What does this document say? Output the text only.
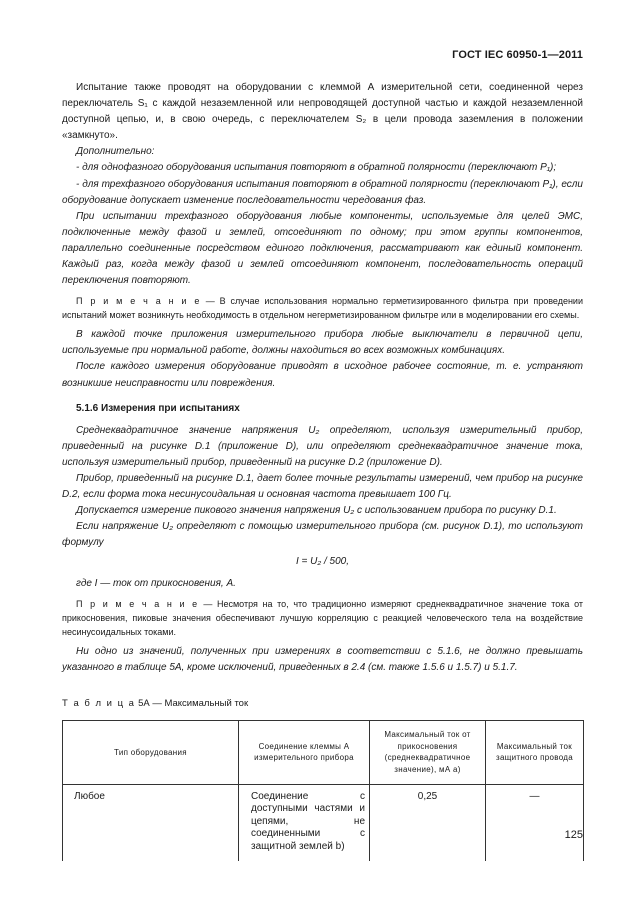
ГОСТ IEC 60950-1—2011

Испытание также проводят на оборудовании с клеммой А измерительной сети, соединенной через переключатель S₁ с каждой незаземленной или непроводящей доступной частью и каждой незаземленной доступной цепью, и, в свою очередь, с переключателем S₂ в цели провода заземления в положении «замкнуто».

Дополнительно:

- для однофазного оборудования испытания повторяют в обратной полярности (переключают P₁);

- для трехфазного оборудования испытания повторяют в обратной полярности (переключают P₁), если оборудование допускает изменение последовательности чередования фаз.

При испытании трехфазного оборудования любые компоненты, используемые для целей ЭМС, подключенные между фазой и землей, отсоединяют по одному; при этом группы компонентов, параллельно соединенные посредством единого подключения, рассматривают как единый компонент. Каждый раз, когда между фазой и землей отсоединяют компонент, последовательность операций переключения повторяют.

П р и м е ч а н и е — В случае использования нормально герметизированного фильтра при проведении испытаний может возникнуть необходимость в отдельном негерметизированном фильтре или в моделировании его схемы.

В каждой точке приложения измерительного прибора любые выключатели в первичной цепи, используемые при нормальной работе, должны находиться во всех возможных комбинациях.

После каждого измерения оборудование приводят в исходное рабочее состояние, т. е. устраняют возникшие неисправности или повреждения.

5.1.6 Измерения при испытаниях

Среднеквадратичное значение напряжения U₂ определяют, используя измерительный прибор, приведенный на рисунке D.1 (приложение D), или определяют среднеквадратичное значение тока, используя измерительный прибор, приведенный на рисунке D.2 (приложение D).

Прибор, приведенный на рисунке D.1, дает более точные результаты измерений, чем прибор на рисунке D.2, если форма тока несинусоидальная и основная частота превышает 100 Гц.

Допускается измерение пикового значения напряжения U₂ с использованием прибора по рисунку D.1.

Если напряжение U₂ определяют с помощью измерительного прибора (см. рисунок D.1), то используют формулу

I = U₂ / 500,
где I — ток от прикосновения, А.

П р и м е ч а н и е — Несмотря на то, что традиционно измеряют среднеквадратичное значение тока от прикосновения, пиковые значения обеспечивают лучшую корреляцию с реакцией человеческого тела на воздействие несинусоидальных токами.

Ни одно из значений, полученных при измерениях в соответствии с 5.1.6, не должно превышать указанного в таблице 5А, кроме исключений, приведенных в 2.4 (см. также 1.5.6 и 1.5.7) и 5.1.7.

Т а б л и ц а 5А — Максимальный ток
Тип оборудования	Соединение клеммы А измерительного прибора	Максимальный ток от прикосновения (среднеквадратичное значение), мА a)	Максимальный ток защитного провода
Любое	Соединение с доступными частями и цепями, не соединенными с защитной землей b)	0,25	—
125
